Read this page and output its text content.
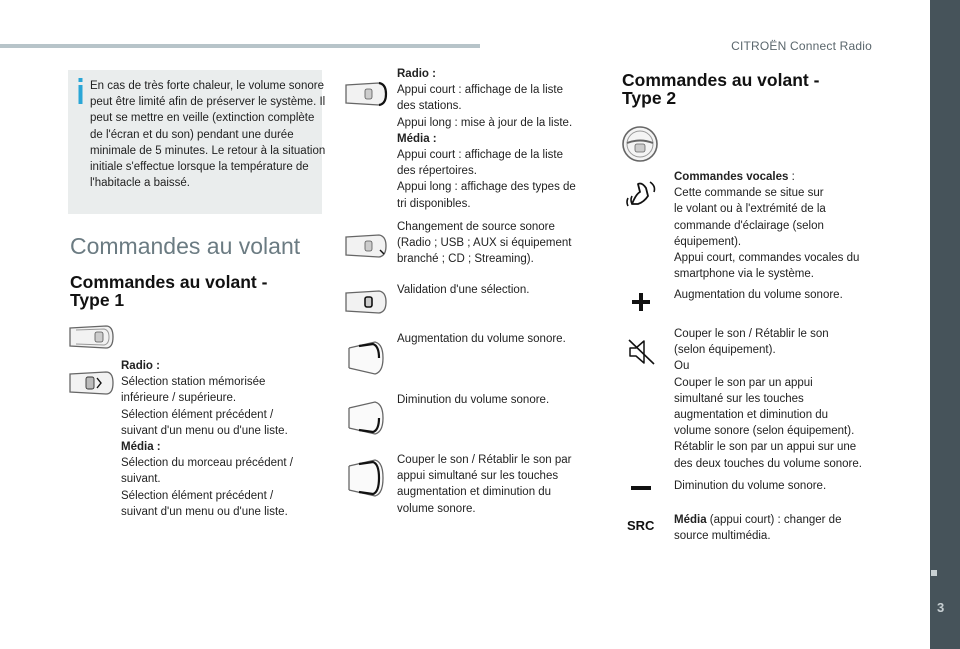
CITROËN Connect Radio
3
En cas de très forte chaleur, le volume sonore peut être limité afin de préserver le système. Il peut se mettre en veille (extinction complète de l'écran et du son) pendant une durée minimale de 5 minutes. Le retour à la situation initiale s'effectue lorsque la température de l'habitacle a baissé.
Commandes au volant
Commandes au volant -
Type 1
Radio :
Sélection station mémorisée
inférieure / supérieure.
Sélection élément précédent /
suivant d'un menu ou d'une liste.
Média :
Sélection du morceau précédent /
suivant.
Sélection élément précédent /
suivant d'un menu ou d'une liste.
Radio :
Appui court : affichage de la liste
des stations.
Appui long : mise à jour de la liste.
Média :
Appui court : affichage de la liste
des répertoires.
Appui long : affichage des types de
tri disponibles.
Changement de source sonore
(Radio ; USB ; AUX si équipement
branché ; CD ; Streaming).
Validation d'une sélection.
Augmentation du volume sonore.
Diminution du volume sonore.
Couper le son / Rétablir le son par
appui simultané sur les touches
augmentation et diminution du
volume sonore.
Commandes au volant -
Type 2
SRC
Commandes vocales :
Cette commande se situe sur
le volant ou à l'extrémité de la
commande d'éclairage (selon
équipement).
Appui court, commandes vocales du
smartphone via le système.
Augmentation du volume sonore.
Couper le son / Rétablir le son
(selon équipement).
Ou
Couper le son par un appui
simultané sur les touches
augmentation et diminution du
volume sonore (selon équipement).
Rétablir le son par un appui sur une
des deux touches du volume sonore.
Diminution du volume sonore.
Média (appui court) : changer de
source multimédia.
